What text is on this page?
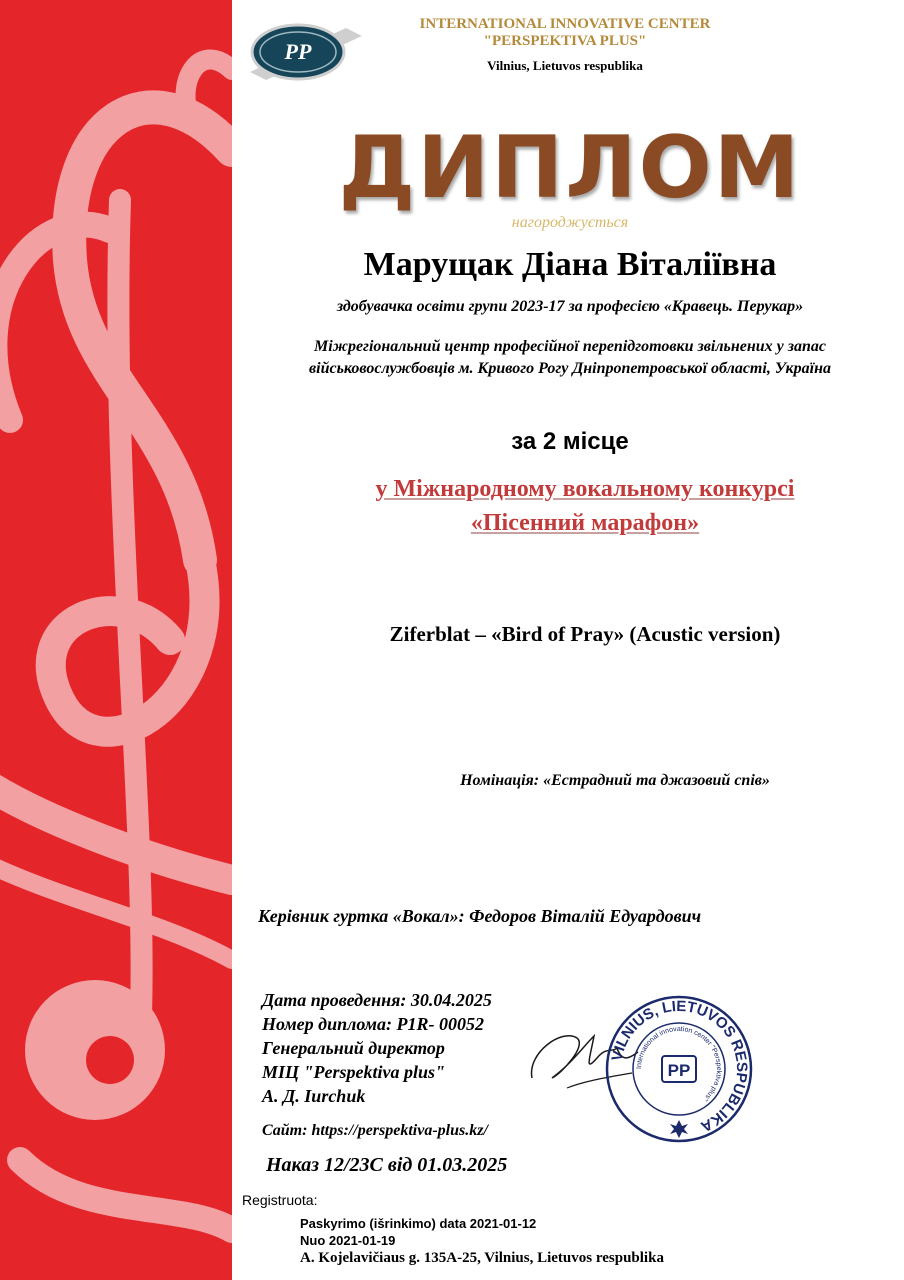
PP
INTERNATIONAL INNOVATIVE CENTER
"PERSPEKTIVA PLUS"
Vilnius, Lietuvos respublika
ДИПЛОМ
нагороджується
Марущак Діана Віталіївна
здобувачка освіти групи 2023-17 за професією «Кравець. Перукар»
Міжрегіональний центр професійної перепідготовки звільнених у запас
військовослужбовців м. Кривого Рогу Дніпропетровської області, Україна
за 2 місце
у Міжнародному вокальному конкурсі
«Пісенний марафон»
Ziferblat – «Bird of Pray» (Acustic version)
Номінація: «Естрадний та джазовий спів»
Керівник гуртка «Вокал»: Федоров Віталій Едуардович
Дата проведення: 30.04.2025
Номер диплома: P1R- 00052
Генеральний директор
МІЦ "Perspektiva plus"
А. Д. Iurchuk
Сайт: https://perspektiva-plus.kz/
Наказ 12/23С від 01.03.2025
VILNIUS, LIETUVOS RESPUBLIKA
International innovation center "Perspektiva plus"
PP
Registruota:
Paskyrimo (išrinkimo) data 2021-01-12
Nuo 2021-01-19
A. Kojelavičiaus g. 135A-25, Vilnius, Lietuvos respublika
